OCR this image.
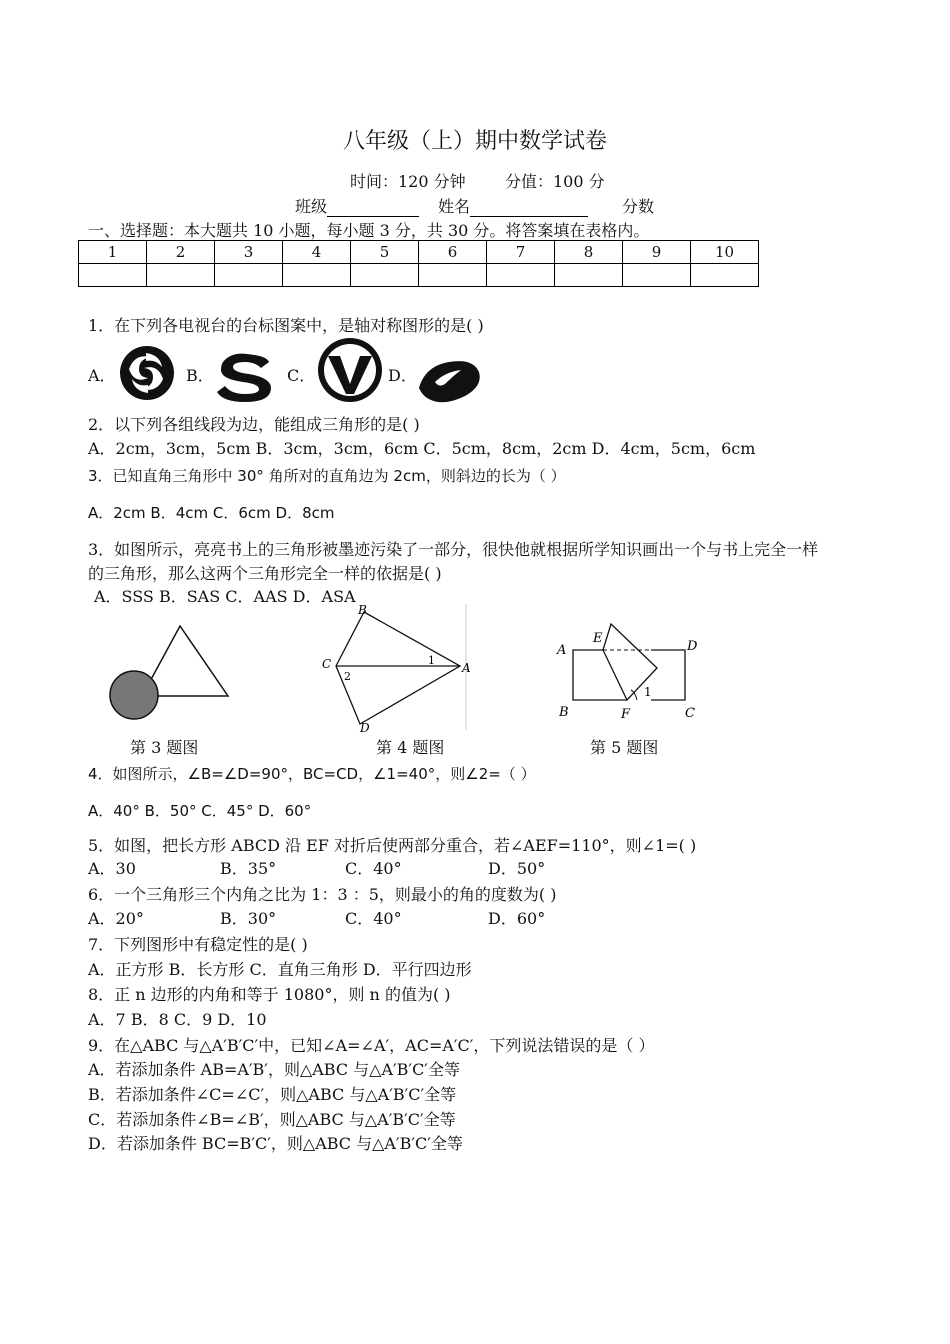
八年级（上）期中数学试卷
时间：120 分钟 分值：100 分
班级	姓名	分数
一、选择题：本大题共 10 小题，每小题 3 分，共 30 分。将答案填在表格内。
1	2	3	4	5	6	7	8	9	10

1．在下列各电视台的台标图案中，是轴对称图形的是( )
A．	B．	C．	D．
2．以下列各组线段为边，能组成三角形的是( )
A．2cm，3cm，5cm B．3cm，3cm，6cm C．5cm，8cm，2cm D．4cm，5cm，6cm
3．已知直角三角形中 30° 角所对的直角边为 2cm，则斜边的长为（ ）
A．2cm B．4cm C．6cm D．8cm
3．如图所示，亮亮书上的三角形被墨迹污染了一部分，很快他就根据所学知识画出一个与书上完全一样
的三角形，那么这两个三角形完全一样的依据是( )
A．SSS B．SAS C．AAS D．ASA
第 3 题图
B
C
D
A
1
2
第 4 题图
A
E
D
B	F	C
1
第 5 题图
4．如图所示，∠B=∠D=90°，BC=CD，∠1=40°，则∠2=（ ）
A．40° B．50° C．45° D．60°
5．如图，把长方形 ABCD 沿 EF 对折后使两部分重合，若∠AEF=110°，则∠1=( )
A．30	B．35°	C．40°	D．50°
6．一个三角形三个内角之比为 1：3 ：5，则最小的角的度数为( )
A．20°	B．30°	C．40°	D．60°
7．下列图形中有稳定性的是( )
A．正方形 B．长方形 C．直角三角形 D．平行四边形
8．正 n 边形的内角和等于 1080°，则 n 的值为( )
A．7 B．8 C．9 D．10
9．在△ABC 与△A′B′C′中，已知∠A=∠A′，AC=A′C′，下列说法错误的是（ ）
A．若添加条件 AB=A′B′，则△ABC 与△A′B′C′全等
B．若添加条件∠C=∠C′，则△ABC 与△A′B′C′全等
C．若添加条件∠B=∠B′，则△ABC 与△A′B′C′全等
D．若添加条件 BC=B′C′，则△ABC 与△A′B′C′全等
